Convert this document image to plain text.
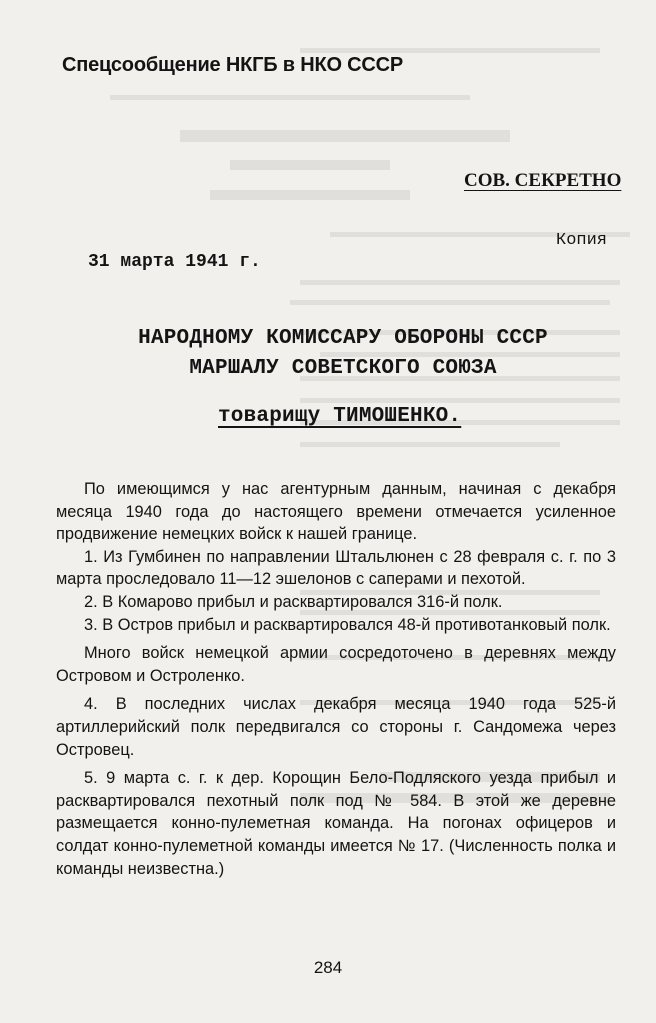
Спецсообщение НКГБ в НКО СССР
СОВ. СЕКРЕТНО
Копия
31 марта 1941 г.
НАРОДНОМУ КОМИССАРУ ОБОРОНЫ СССР
МАРШАЛУ СОВЕТСКОГО СОЮЗА
товарищу ТИМОШЕНКО.

По имеющимся у нас агентурным данным, начиная с декабря месяца 1940 года до настоящего времени отмечается усиленное продвижение немецких войск к нашей границе.

1. Из Гумбинен по направлении Штальлюнен с 28 февраля с. г. по 3 марта проследовало 11—12 эшелонов с саперами и пехотой.

2. В Комарово прибыл и расквартировался 316-й полк.

3. В Остров прибыл и расквартировался 48-й противотанковый полк.

Много войск немецкой армии сосредоточено в деревнях между Островом и Остроленко.

4. В последних числах декабря месяца 1940 года 525-й артиллерийский полк передвигался со стороны г. Сандомежа через Островец.

5. 9 марта с. г. к дер. Корощин Бело-Подляского уезда прибыл и расквартировался пехотный полк под № 584. В этой же деревне размещается конно-пулеметная команда. На погонах офицеров и солдат конно-пулеметной команды имеется № 17. (Численность полка и команды неизвестна.)

284
